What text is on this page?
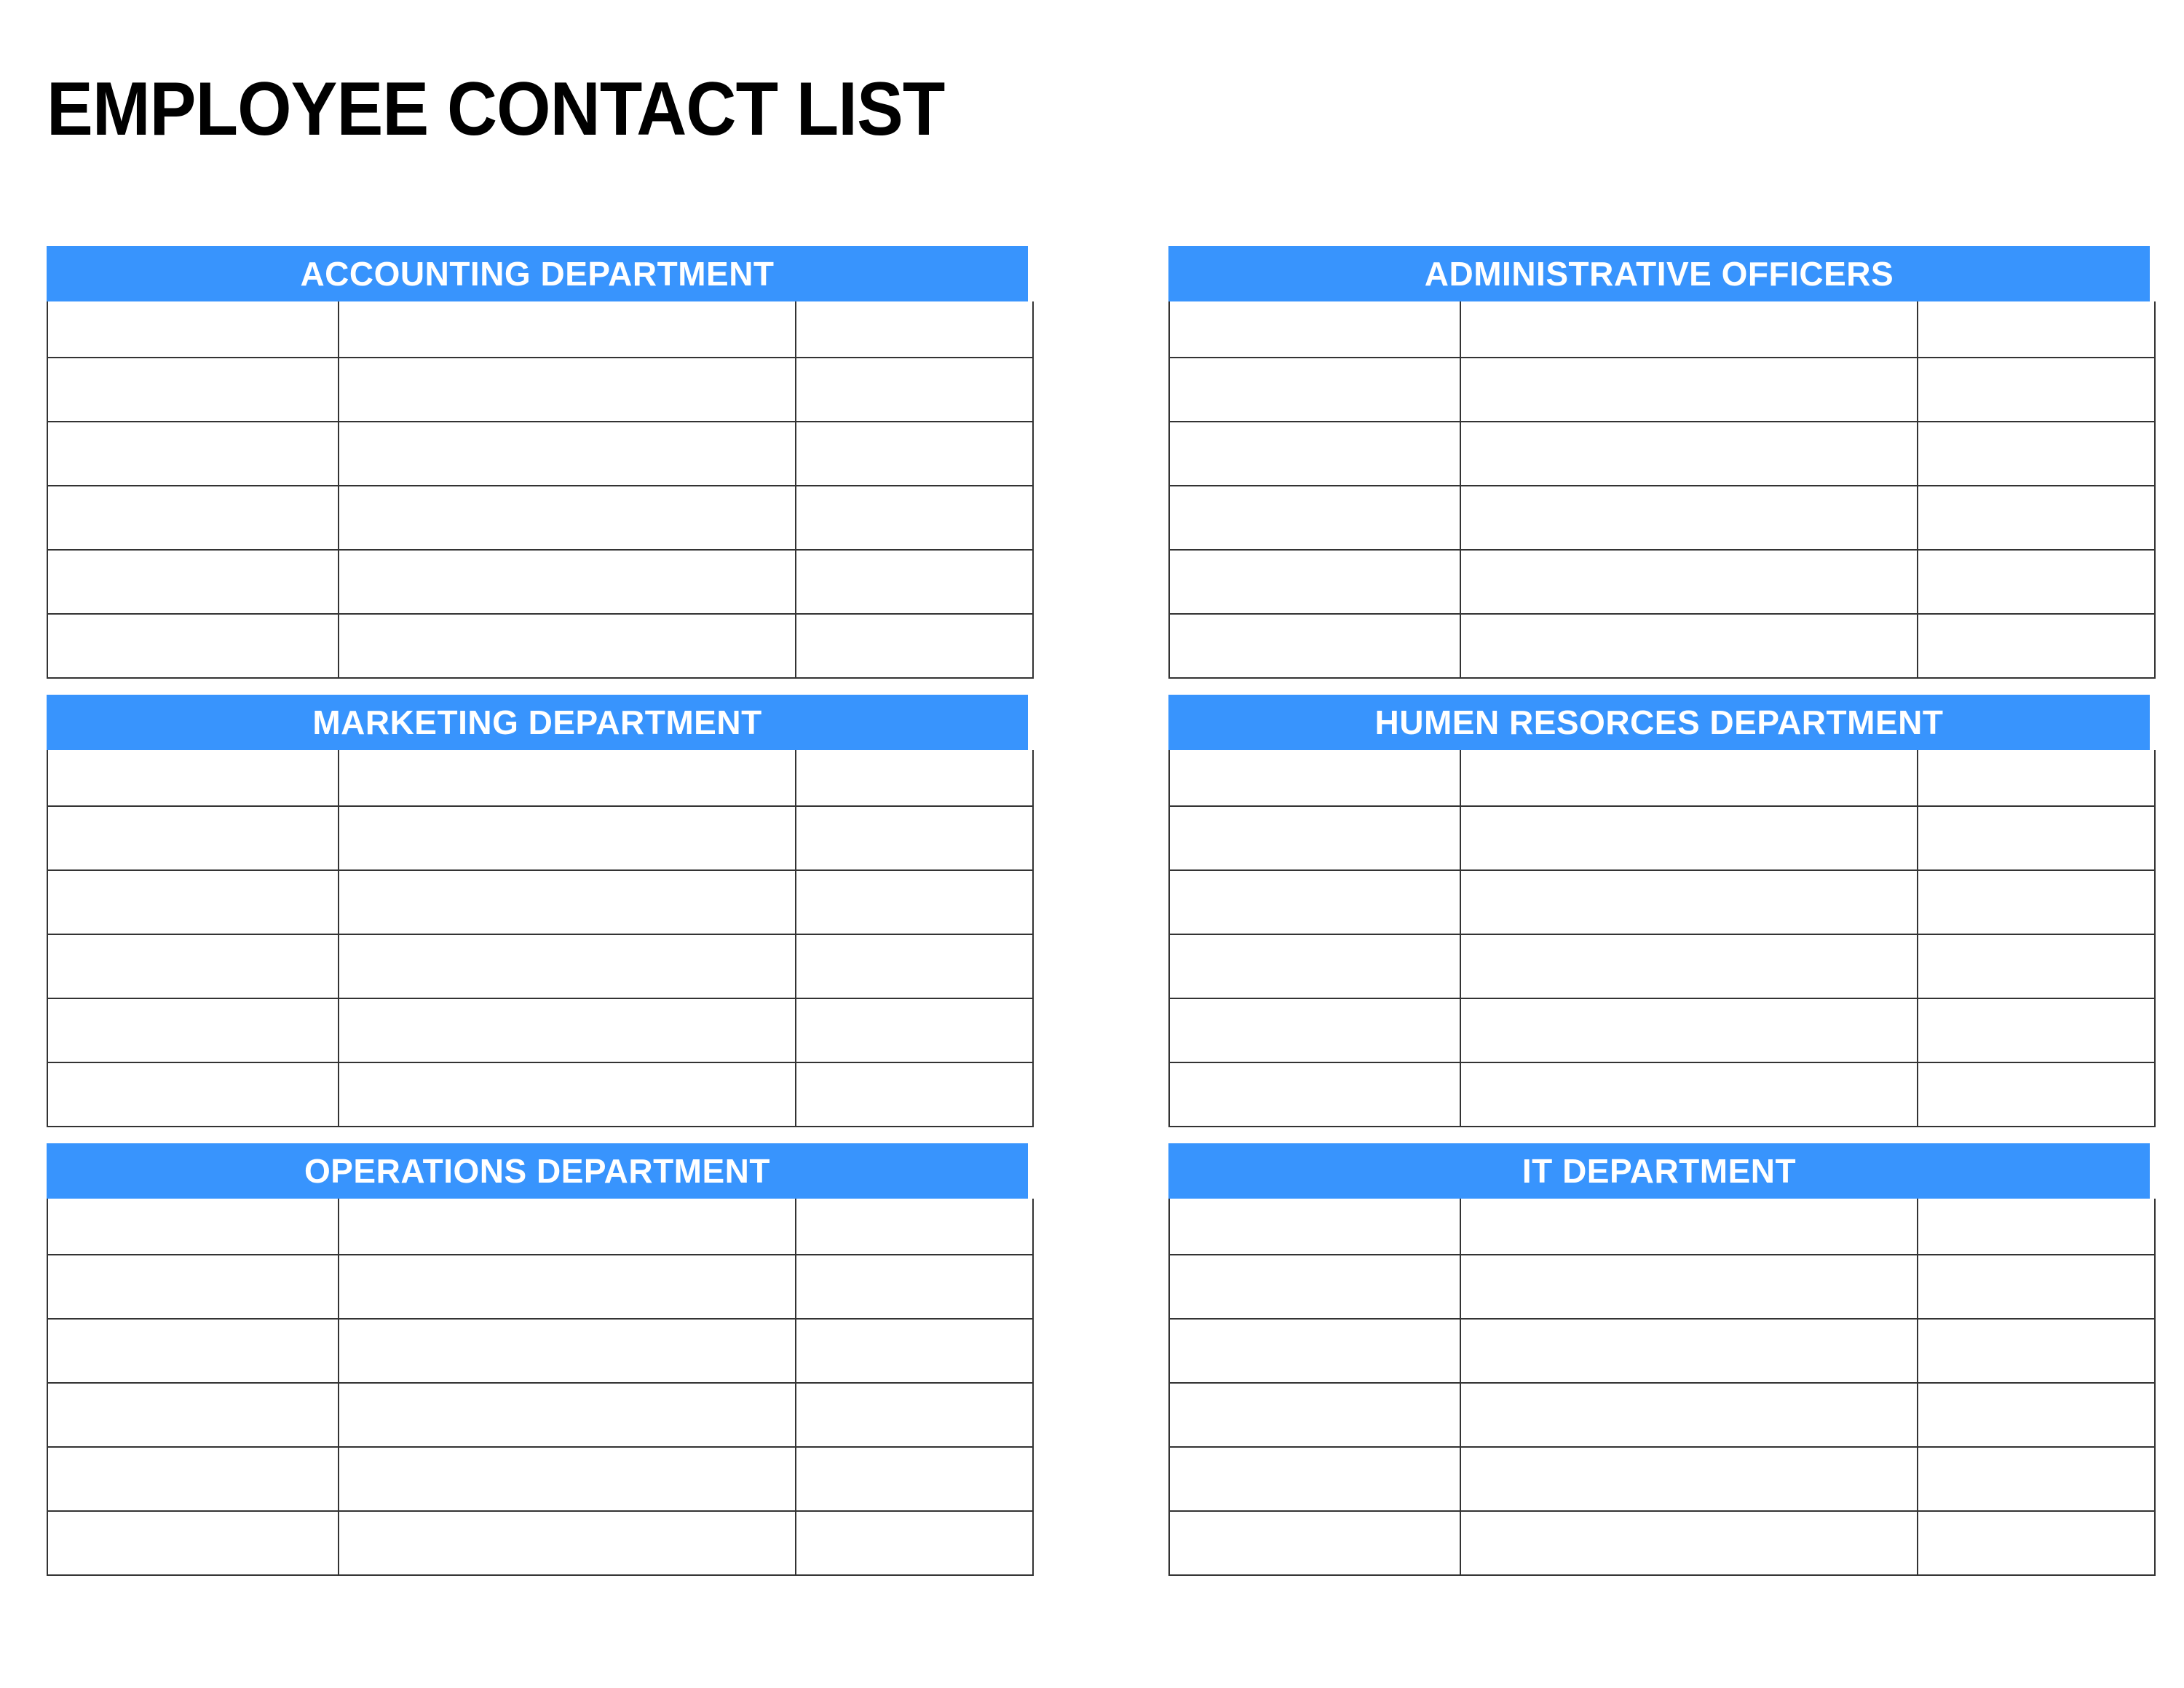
EMPLOYEE CONTACT LIST
ACCOUNTING DEPARTMENT

			ADMINISTRATIVE OFFICERS

MARKETING DEPARTMENT

			HUMEN RESORCES DEPARTMENT

OPERATIONS DEPARTMENT

			IT DEPARTMENT
